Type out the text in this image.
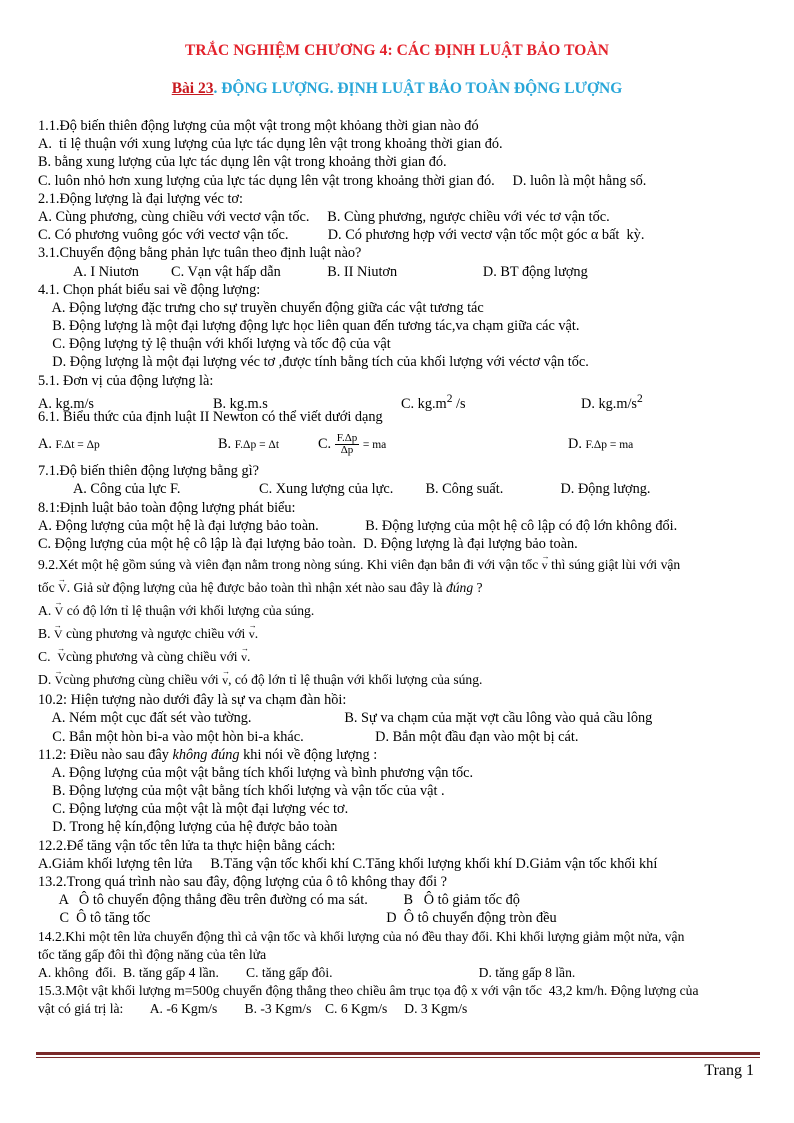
TRẮC NGHIỆM CHƯƠNG 4: CÁC ĐỊNH LUẬT BẢO TOÀN
Bài 23. ĐỘNG LƯỢNG. ĐỊNH LUẬT BẢO TOÀN ĐỘNG LƯỢNG
1.1.Độ biến thiên động lượng của một vật trong một khỏang thời gian nào đó
A.  tỉ lệ thuận với xung lượng của lực tác dụng lên vật trong khoảng thời gian đó.
B. bằng xung lượng của lực tác dụng lên vật trong khoảng thời gian đó.
C. luôn nhỏ hơn xung lượng của lực tác dụng lên vật trong khoảng thời gian đó.     D. luôn là một hằng số.
2.1.Động lượng là đại lượng véc tơ:
A. Cùng phương, cùng chiều với vectơ vận tốc.     B. Cùng phương, ngược chiều với véc tơ vận tốc.
C. Có phương vuông góc với vectơ vận tốc.           D. Có phương hợp với vectơ vận tốc một góc α bất  kỳ.
3.1.Chuyển động bằng phản lực tuân theo định luật nào?
A. I Niutơn         C. Vạn vật hấp dẫn             B. II Niutơn                        D. BT động lượng
4.1. Chọn phát biểu sai về động lượng:
A. Động lượng đặc trưng cho sự truyền chuyển động giữa các vật tương tác
B. Động lượng là một đại lượng động lực học liên quan đến tương tác,va chạm giữa các vật.
C. Động lượng tỷ lệ thuận với khối lượng và tốc độ của vật
D. Động lượng là một đại lượng véc tơ ,được tính bằng tích của khối lượng với véctơ vận tốc.
5.1. Đơn vị của động lượng là:
A. kg.m/s	B. kg.m.s	C. $kg.m^2$ /s	D. $kg.m/s^2$
6.1. Biểu thức của định luật II Newton có thể viết dưới dạng
A. F.Δt = Δp	B. F.Δp = Δt	C. $\frac{F.\Delta p}{\Delta p}$ = ma	D. F.Δp = ma
7.1.Độ biến thiên động lượng bằng gì?
A. Công của lực F.                      C. Xung lượng của lực.         B. Công suất.                D. Động lượng.
8.1:Định luật bảo toàn động lượng phát biểu:
A. Động lượng của một hệ là đại lượng bảo toàn.             B. Động lượng của một hệ cô lập có độ lớn không đổi.
C. Động lượng của một hệ cô lập là đại lượng bảo toàn.  D. Động lượng là đại lượng bảo toàn.
9.2.Xét một hệ gồm súng và viên đạn nằm trong nòng súng. Khi viên đạn bắn đi với vận tốc → v thì súng giật lùi với vận
tốc → V. Giả sử động lượng của hệ được bảo toàn thì nhận xét nào sau đây là đúng ?
A. → V có độ lớn tỉ lệ thuận với khối lượng của súng.
B. → V cùng phương và ngược chiều với → v.
C.  → Vcùng phương và cùng chiều với → v.
D. → Vcùng phương cùng chiều với → v, có độ lớn tỉ lệ thuận với khối lượng của súng.
10.2: Hiện tượng nào dưới đây là sự va chạm đàn hồi:
A. Ném một cục đất sét vào tường.                          B. Sự va chạm của mặt vợt cầu lông vào quả cầu lông
C. Bắn một hòn bi-a vào một hòn bi-a khác.                    D. Bắn một đầu đạn vào một bị cát.
11.2: Điều nào sau đây không đúng khi nói về động lượng :
A. Động lượng của một vật bằng tích khối lượng và bình phương vận tốc.
B. Động lượng của một vật bằng tích khối lượng và vận tốc của vật .
C. Động lượng của một vật là một đại lượng véc tơ.
D. Trong hệ kín,động lượng của hệ được bảo toàn
12.2.Để tăng vận tốc tên lửa ta thực hiện bằng cách:
A.Giảm khối lượng tên lửa     B.Tăng vận tốc khối khí C.Tăng khối lượng khối khí D.Giảm vận tốc khối khí
13.2.Trong quá trình nào sau đây, động lượng của ô tô không thay đổi ?
A   Ô tô chuyển động thẳng đều trên đường có ma sát.          B   Ô tô giảm tốc độ
C  Ô tô tăng tốc                                                                  D  Ô tô chuyển động tròn đều
14.2.Khi một tên lửa chuyển động thì cả vận tốc và khối lượng của nó đều thay đổi. Khi khối lượng giảm một nửa, vận
tốc tăng gấp đôi thì động năng của tên lửa
A. không  đổi.  B. tăng gấp 4 lần.        C. tăng gấp đôi.                                           D. tăng gấp 8 lần.
15.3.Một vật khối lượng m=500g chuyển động thẳng theo chiều âm trục tọa độ x với vận tốc  43,2 km/h. Động lượng của
vật có giá trị là:        A. -6 Kgm/s        B. -3 Kgm/s    C. 6 Kgm/s     D. 3 Kgm/s
Trang 1
